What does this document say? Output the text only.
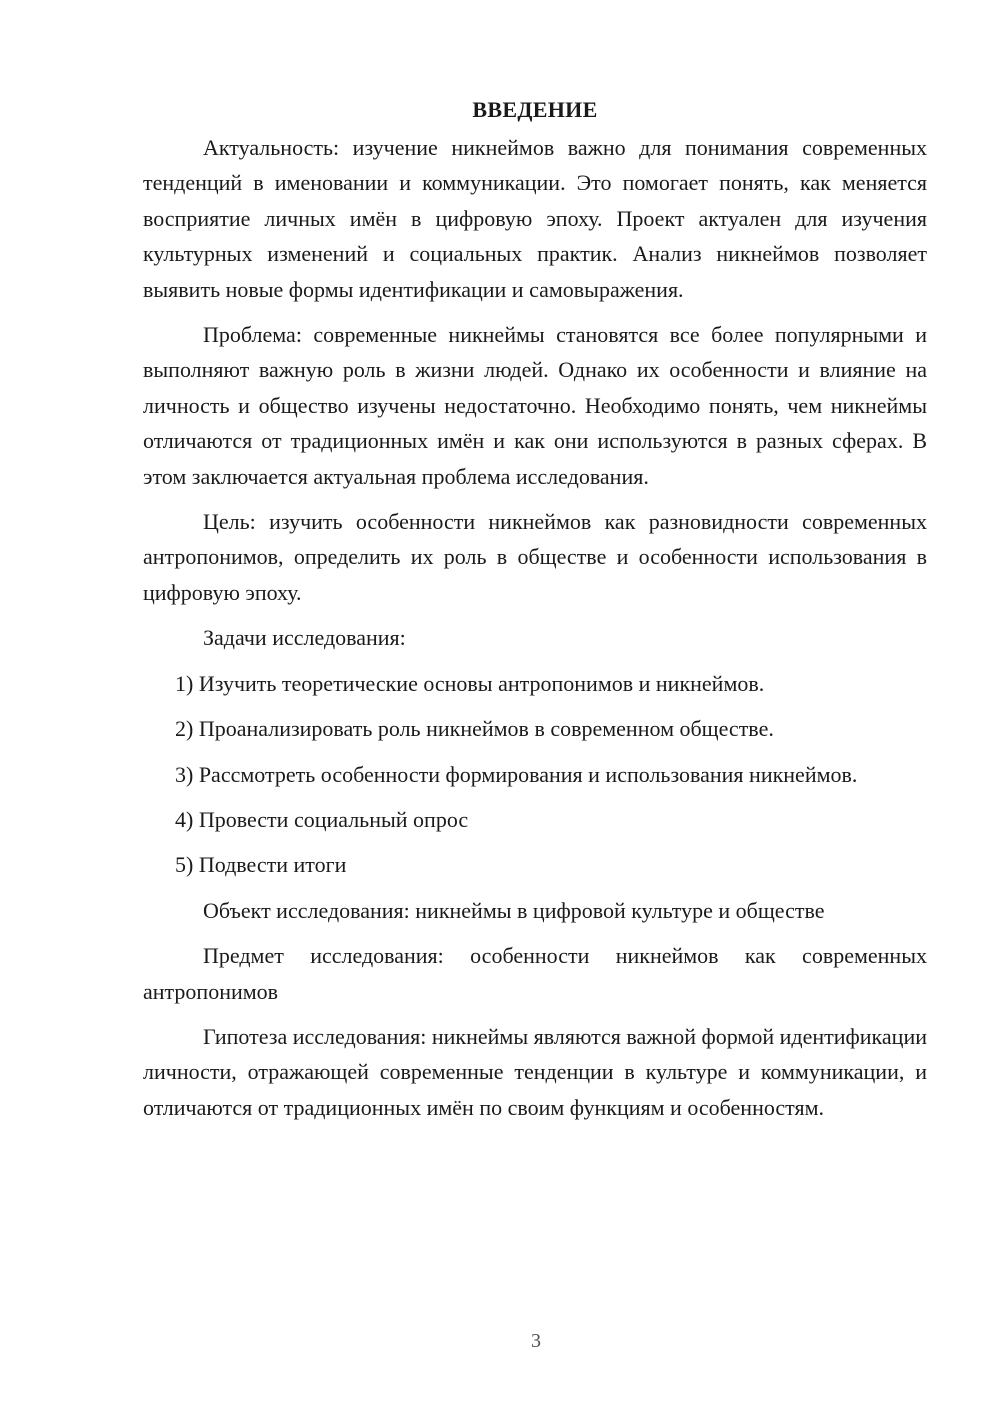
ВВЕДЕНИЕ

Актуальность: изучение никнеймов важно для понимания современных тенденций в именовании и коммуникации. Это помогает понять, как меняется восприятие личных имён в цифровую эпоху. Проект актуален для изучения культурных изменений и социальных практик. Анализ никнеймов позволяет выявить новые формы идентификации и самовыражения.

Проблема: современные никнеймы становятся все более популярными и выполняют важную роль в жизни людей. Однако их особенности и влияние на личность и общество изучены недостаточно. Необходимо понять, чем никнеймы отличаются от традиционных имён и как они используются в разных сферах. В этом заключается актуальная проблема исследования.

Цель: изучить особенности никнеймов как разновидности современных антропонимов, определить их роль в обществе и особенности использования в цифровую эпоху.

Задачи исследования:

1) Изучить теоретические основы антропонимов и никнеймов.

2) Проанализировать роль никнеймов в современном обществе.

3) Рассмотреть особенности формирования и использования никнеймов.

4) Провести социальный опрос

5) Подвести итоги

Объект исследования: никнеймы в цифровой культуре и обществе

Предмет исследования: особенности никнеймов как современных антропонимов

Гипотеза исследования: никнеймы являются важной формой идентификации личности, отражающей современные тенденции в культуре и коммуникации, и отличаются от традиционных имён по своим функциям и особенностям.

3
